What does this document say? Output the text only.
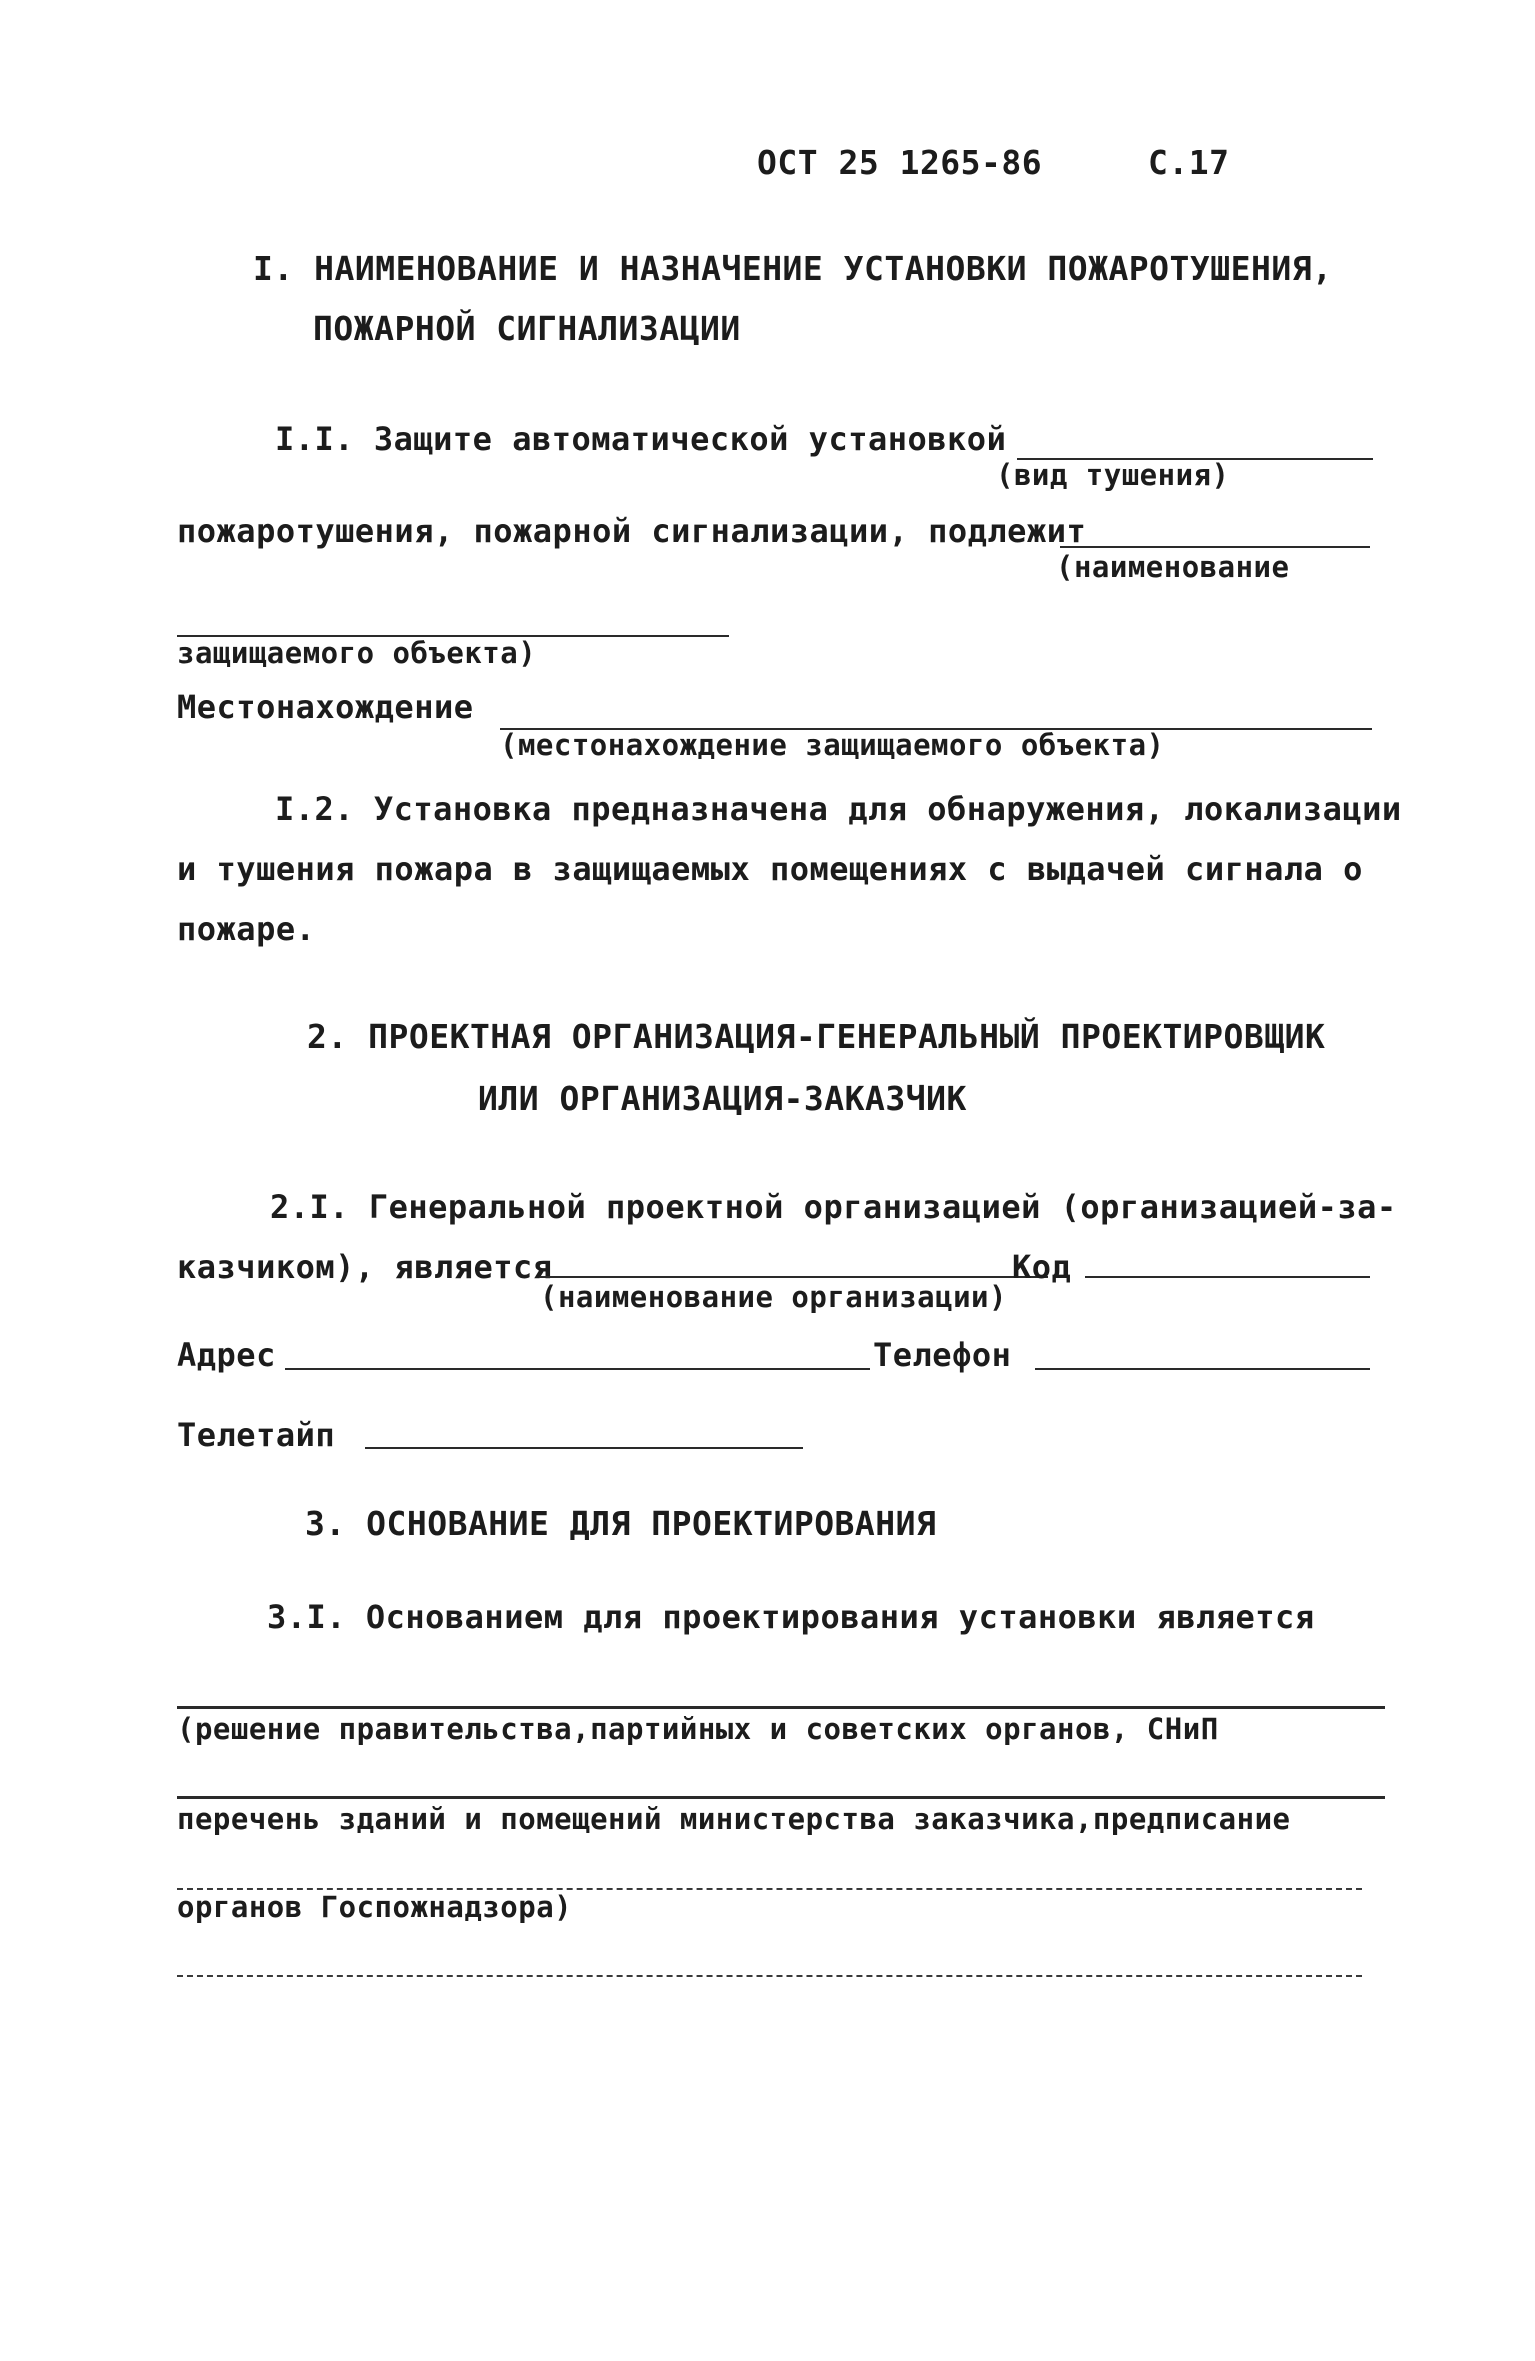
ОСТ 25 1265-86	С.17
I. НАИМЕНОВАНИЕ И НАЗНАЧЕНИЕ УСТАНОВКИ ПОЖАРОТУШЕНИЯ,
ПОЖАРНОЙ СИГНАЛИЗАЦИИ
I.I. Защите автоматической установкой
(вид тушения)
пожаротушения, пожарной сигнализации, подлежит
(наименование
защищаемого объекта)
Местонахождение
(местонахождение защищаемого объекта)
I.2. Установка предназначена для обнаружения, локализации
и тушения пожара в защищаемых помещениях с выдачей сигнала о
пожаре.
2. ПРОЕКТНАЯ ОРГАНИЗАЦИЯ-ГЕНЕРАЛЬНЫЙ ПРОЕКТИРОВЩИК
ИЛИ ОРГАНИЗАЦИЯ-ЗАКАЗЧИК
2.I. Генеральной проектной организацией (организацией-за-
казчиком), является
(наименование организации)
Код
Адрес	Телефон
Телетайп
3. ОСНОВАНИЕ ДЛЯ ПРОЕКТИРОВАНИЯ
3.I. Основанием для проектирования установки является
(решение правительства,партийных и советских органов, СНиП
перечень зданий и помещений министерства заказчика,предписание
органов Госпожнадзора)
